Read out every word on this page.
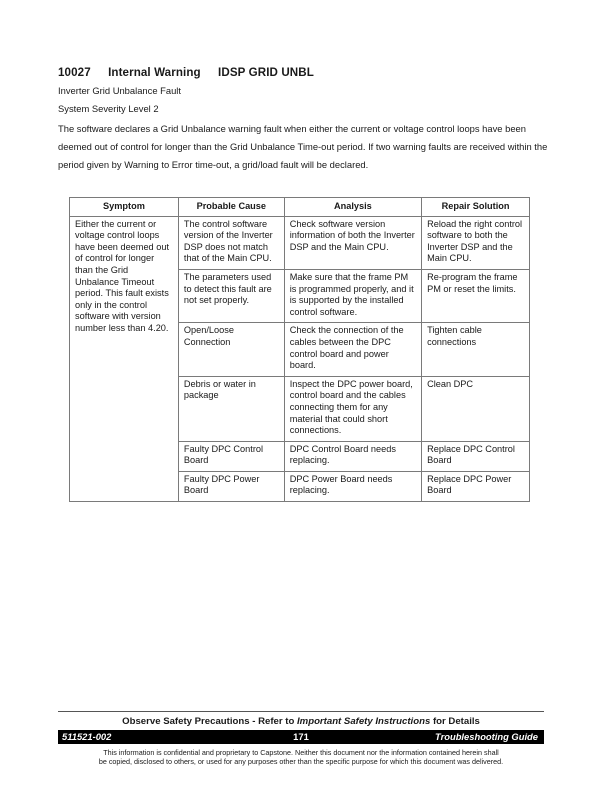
10027 Internal Warning IDSP GRID UNBL
Inverter Grid Unbalance Fault
System Severity Level 2
The software declares a Grid Unbalance warning fault when either the current or voltage control loops have been deemed out of control for longer than the Grid Unbalance Time-out period. If two warning faults are received within the period given by Warning to Error time-out, a grid/load fault will be declared.
Symptom	Probable Cause	Analysis	Repair Solution
Either the current or voltage control loops have been deemed out of control for longer than the Grid Unbalance Timeout period. This fault exists only in the control software with version number less than 4.20.	The control software version of the Inverter DSP does not match that of the Main CPU.	Check software version information of both the Inverter DSP and the Main CPU.	Reload the right control software to both the Inverter DSP and the Main CPU.
	The parameters used to detect this fault are not set properly.	Make sure that the frame PM is programmed properly, and it is supported by the installed control software.	Re-program the frame PM or reset the limits.
	Open/Loose Connection	Check the connection of the cables between the DPC control board and power board.	Tighten cable connections
	Debris or water in package	Inspect the DPC power board, control board and the cables connecting them for any material that could short connections.	Clean DPC
	Faulty DPC Control Board	DPC Control Board needs replacing.	Replace DPC Control Board
	Faulty DPC Power Board	DPC Power Board needs replacing.	Replace DPC Power Board
Observe Safety Precautions - Refer to Important Safety Instructions for Details
511521-002	171	Troubleshooting Guide
This information is confidential and proprietary to Capstone. Neither this document nor the information contained herein shall
be copied, disclosed to others, or used for any purposes other than the specific purpose for which this document was delivered.
